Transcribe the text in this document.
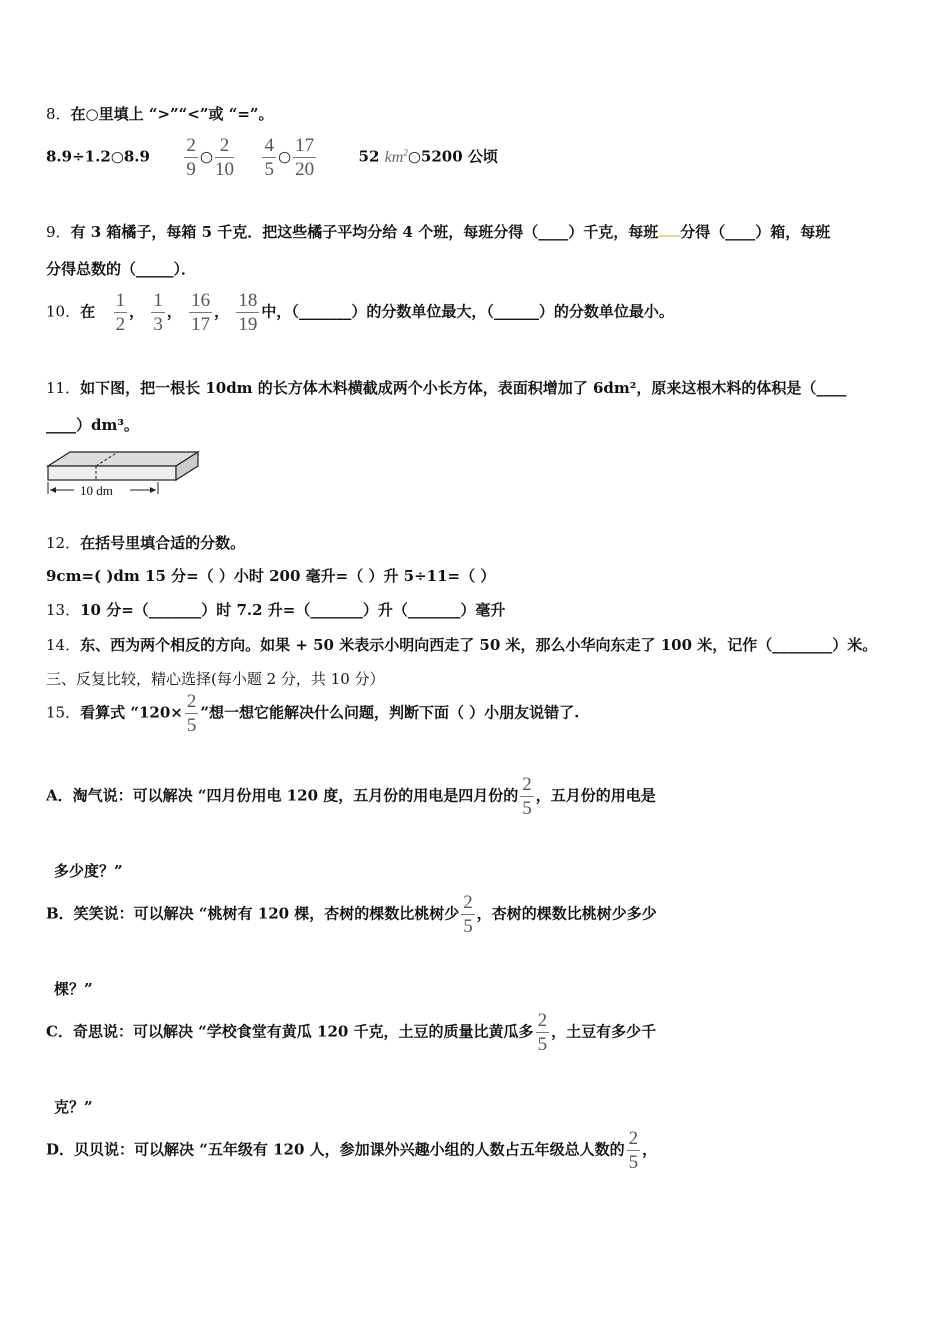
8．在○里填上 “>”“<”或 “=”。
8.9÷1.2○8.9 $\frac{2}{9}$ ○ $\frac{2}{10}$
$\frac{4}{5}$ ○ $\frac{17}{20}$	52 $km^2○5200$ 公顷
9．有 3 箱橘子，每箱 5 千克．把这些橘子平均分给 4 个班，每班分得（____）千克，每班 分得（____）箱，每班
分得总数的（_____）．
10．在 $\frac{1}{2}$ ， $\frac{1}{3}$ ， $\frac{16}{17}$ ， $\frac{18}{19}$ 中，（_______）的分数单位最大，（______）的分数单位最小。
11．如下图，把一根长 10dm 的长方体木料横截成两个小长方体，表面积增加了 6dm²，原来这根木料的体积是（____
____）dm³。
10 dm
12．在括号里填合适的分数。
9cm=( )dm 15 分=（ ）小时 200 毫升=（ ）升 5÷11=（ ）
13．10 分=（_______）时 7.2 升=（_______）升（_______）毫升
14．东、西为两个相反的方向。如果 + 50 米表示小明向西走了 50 米，那么小华向东走了 100 米，记作（________）米。
三、反复比较，精心选择(每小题 2 分，共 10 分）
15．看算式 “$120\times \frac{2}{5}$ ”想一想它能解决什么问题，判断下面（ ）小朋友说错了.
A．淘气说：可以解决 “四月份用电 120 度，五月份的用电是四月份的 $\frac{2}{5}$ ，五月份的用电是
多少度？”
B．笑笑说：可以解决 “桃树有 120 棵，杏树的棵数比桃树少 $\frac{2}{5}$ ，杏树的棵数比桃树少多少
棵？”
C．奇思说：可以解决 “学校食堂有黄瓜 120 千克，土豆的质量比黄瓜多 $\frac{2}{5}$ ，土豆有多少千
克？”
D．贝贝说：可以解决 “五年级有 120 人，参加课外兴趣小组的人数占五年级总人数的 $\frac{2}{5}$ ，
